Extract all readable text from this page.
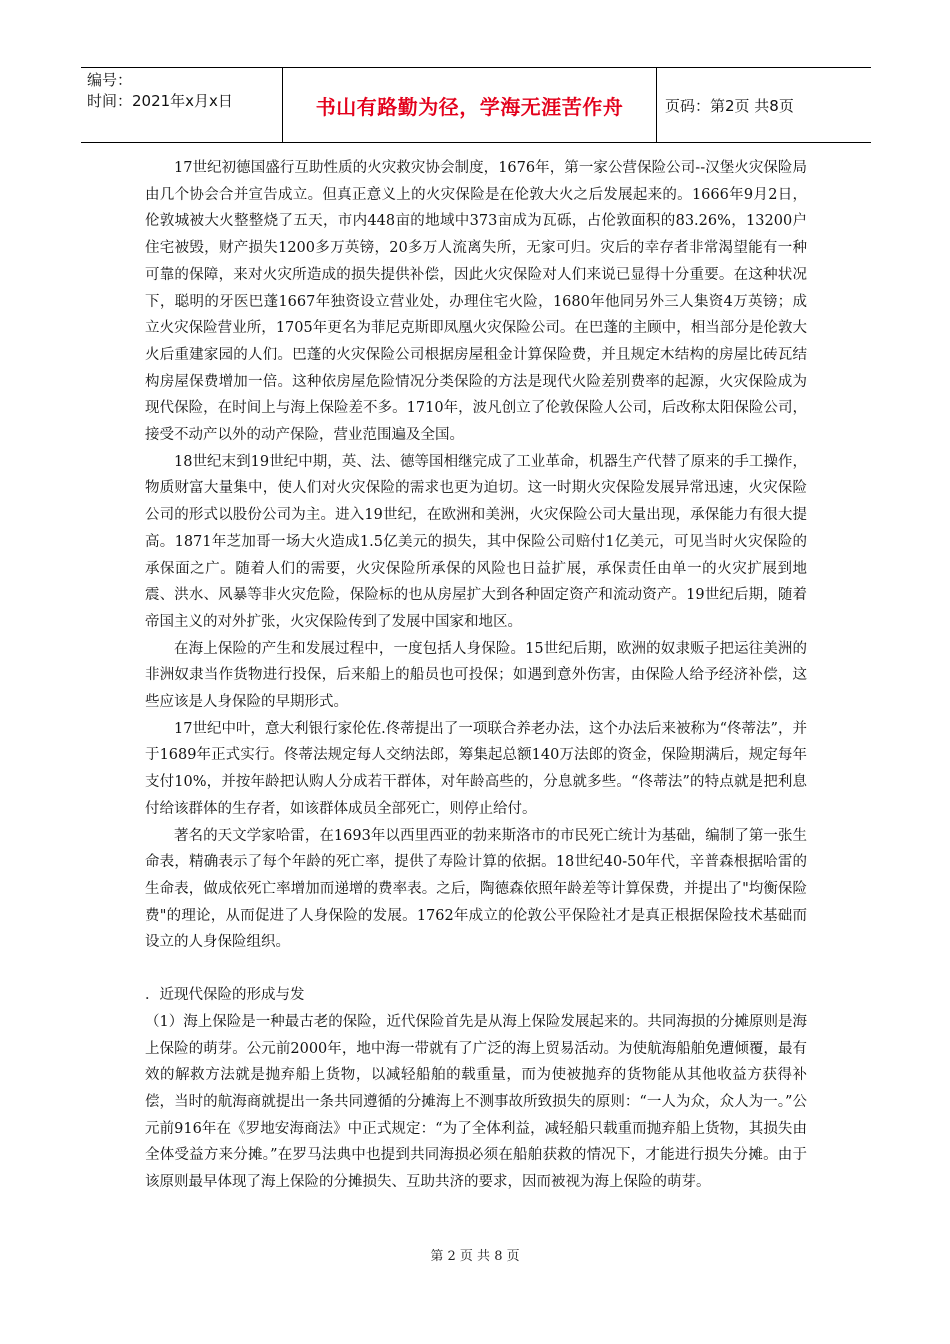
编号：
时间：2021年x月x日	书山有路勤为径，学海无涯苦作舟	页码：第2页 共8页

17世纪初德国盛行互助性质的火灾救灾协会制度，1676年，第一家公营保险公司--汉堡火灾保险局由几个协会合并宣告成立。但真正意义上的火灾保险是在伦敦大火之后发展起来的。1666年9月2日，伦敦城被大火整整烧了五天，市内448亩的地域中373亩成为瓦砾，占伦敦面积的83.26%，13200户住宅被毁，财产损失1200多万英镑，20多万人流离失所，无家可归。灾后的幸存者非常渴望能有一种可靠的保障，来对火灾所造成的损失提供补偿，因此火灾保险对人们来说已显得十分重要。在这种状况下，聪明的牙医巴蓬1667年独资设立营业处，办理住宅火险，1680年他同另外三人集资4万英镑；成立火灾保险营业所，1705年更名为菲尼克斯即凤凰火灾保险公司。在巴蓬的主顾中，相当部分是伦敦大火后重建家园的人们。巴蓬的火灾保险公司根据房屋租金计算保险费，并且规定木结构的房屋比砖瓦结构房屋保费增加一倍。这种依房屋危险情况分类保险的方法是现代火险差别费率的起源，火灾保险成为现代保险，在时间上与海上保险差不多。1710年，波凡创立了伦敦保险人公司，后改称太阳保险公司，接受不动产以外的动产保险，营业范围遍及全国。

18世纪末到19世纪中期，英、法、德等国相继完成了工业革命，机器生产代替了原来的手工操作，物质财富大量集中，使人们对火灾保险的需求也更为迫切。这一时期火灾保险发展异常迅速，火灾保险公司的形式以股份公司为主。进入19世纪，在欧洲和美洲，火灾保险公司大量出现，承保能力有很大提高。1871年芝加哥一场大火造成1.5亿美元的损失，其中保险公司赔付1亿美元，可见当时火灾保险的承保面之广。随着人们的需要，火灾保险所承保的风险也日益扩展，承保责任由单一的火灾扩展到地震、洪水、风暴等非火灾危险，保险标的也从房屋扩大到各种固定资产和流动资产。19世纪后期，随着帝国主义的对外扩张，火灾保险传到了发展中国家和地区。

在海上保险的产生和发展过程中，一度包括人身保险。15世纪后期，欧洲的奴隶贩子把运往美洲的非洲奴隶当作货物进行投保，后来船上的船员也可投保；如遇到意外伤害，由保险人给予经济补偿，这些应该是人身保险的早期形式。

17世纪中叶，意大利银行家伦佐.佟蒂提出了一项联合养老办法，这个办法后来被称为“佟蒂法”，并于1689年正式实行。佟蒂法规定每人交纳法郎，筹集起总额140万法郎的资金，保险期满后，规定每年支付10%，并按年龄把认购人分成若干群体，对年龄高些的，分息就多些。“佟蒂法”的特点就是把利息付给该群体的生存者，如该群体成员全部死亡，则停止给付。

著名的天文学家哈雷，在1693年以西里西亚的勃来斯洛市的市民死亡统计为基础，编制了第一张生命表，精确表示了每个年龄的死亡率，提供了寿险计算的依据。18世纪40-50年代，辛普森根据哈雷的生命表，做成依死亡率增加而递增的费率表。之后，陶德森依照年龄差等计算保费，并提出了"均衡保险费"的理论，从而促进了人身保险的发展。1762年成立的伦敦公平保险社才是真正根据保险技术基础而设立的人身保险组织。

．近现代保险的形成与发

（1）海上保险是一种最古老的保险，近代保险首先是从海上保险发展起来的。共同海损的分摊原则是海上保险的萌芽。公元前2000年，地中海一带就有了广泛的海上贸易活动。为使航海船舶免遭倾覆，最有效的解救方法就是抛弃船上货物，以减轻船舶的载重量，而为使被抛弃的货物能从其他收益方获得补偿，当时的航海商就提出一条共同遵循的分摊海上不测事故所致损失的原则：“一人为众，众人为一。”公元前916年在《罗地安海商法》中正式规定：“为了全体利益，减轻船只载重而抛弃船上货物，其损失由全体受益方来分摊。”在罗马法典中也提到共同海损必须在船舶获救的情况下，才能进行损失分摊。由于该原则最早体现了海上保险的分摊损失、互助共济的要求，因而被视为海上保险的萌芽。

第 2 页 共 8 页
